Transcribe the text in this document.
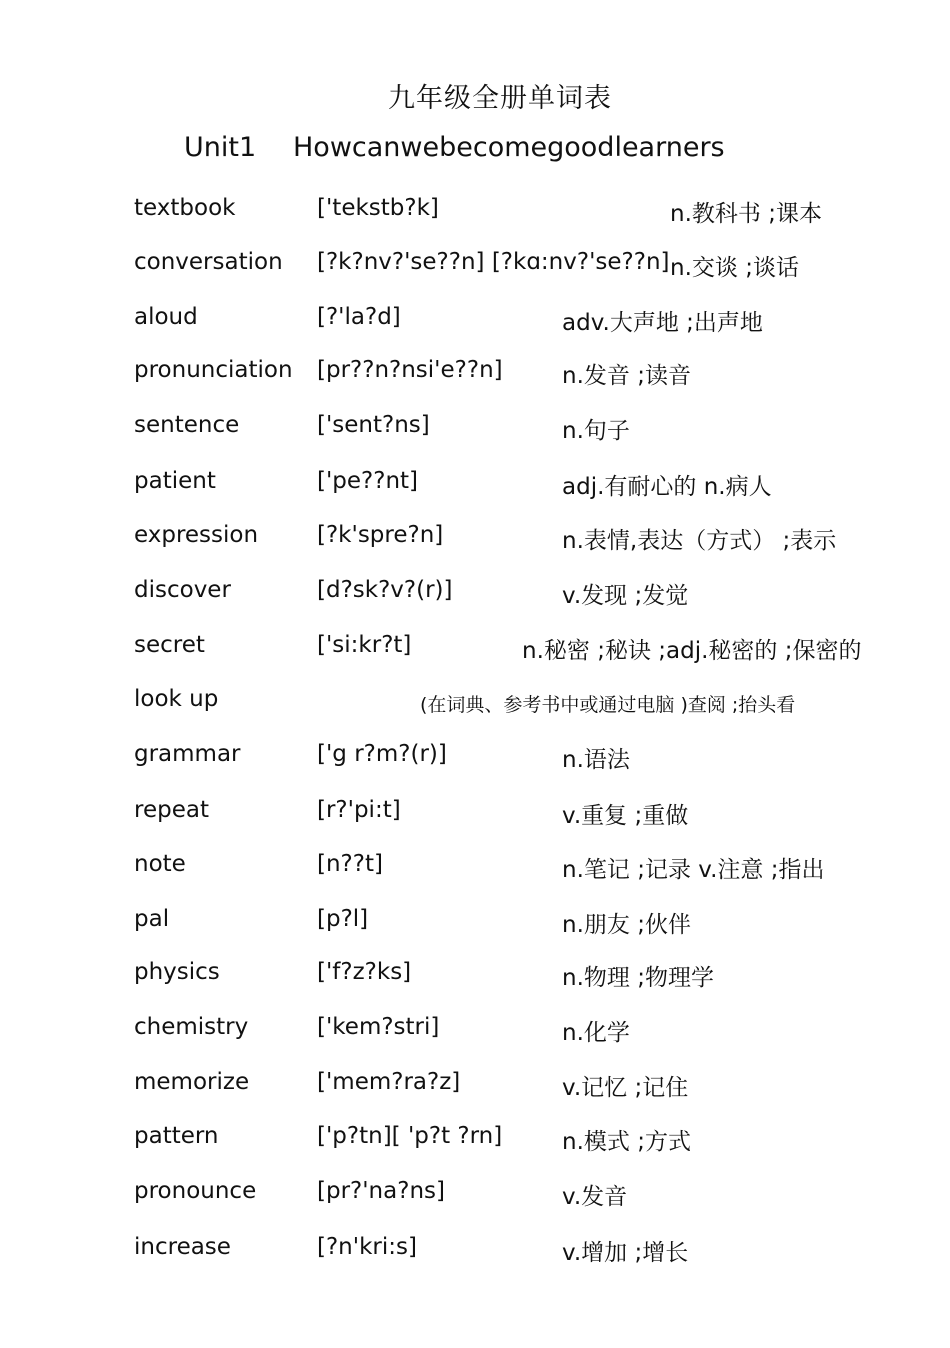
九年级全册单词表
Unit1 Howcanwebecomegoodlearners
textbook	['tekstb?k]	n.教科书 ;课本
conversation [?k?nv?'se??n] [?kɑ:nv?'se??n] n.交谈 ;谈话
aloud	[?'la?d]	adv.大声地 ;出声地
pronunciation [pr??n?nsi'e??n]	n.发音 ;读音
sentence	['sent?ns]	n.句子
patient	['pe??nt]	adj.有耐心的 n.病人
expression	[?k'spre?n]	n.表情,表达（方式） ;表示
discover	[d?sk?v?(r)]	v.发现 ;发觉
secret	['si:kr?t]	n.秘密 ;秘诀 ;adj.秘密的 ;保密的
look up	(在词典、参考书中或通过电脑 )查阅 ;抬头看
grammar	['g r?m?(r)]	n.语法
repeat	[r?'pi:t]	v.重复 ;重做
note	[n??t]	n.笔记 ;记录 v.注意 ;指出
pal	[p?l]	n.朋友 ;伙伴
physics	['f?z?ks]	n.物理 ;物理学
chemistry	['kem?stri]	n.化学
memorize	['mem?ra?z]	v.记忆 ;记住
pattern	['p?tn][ 'p?t ?rn]	n.模式 ;方式
pronounce	[pr?'na?ns]	v.发音
increase	[?n'kri:s]	v.增加 ;增长
